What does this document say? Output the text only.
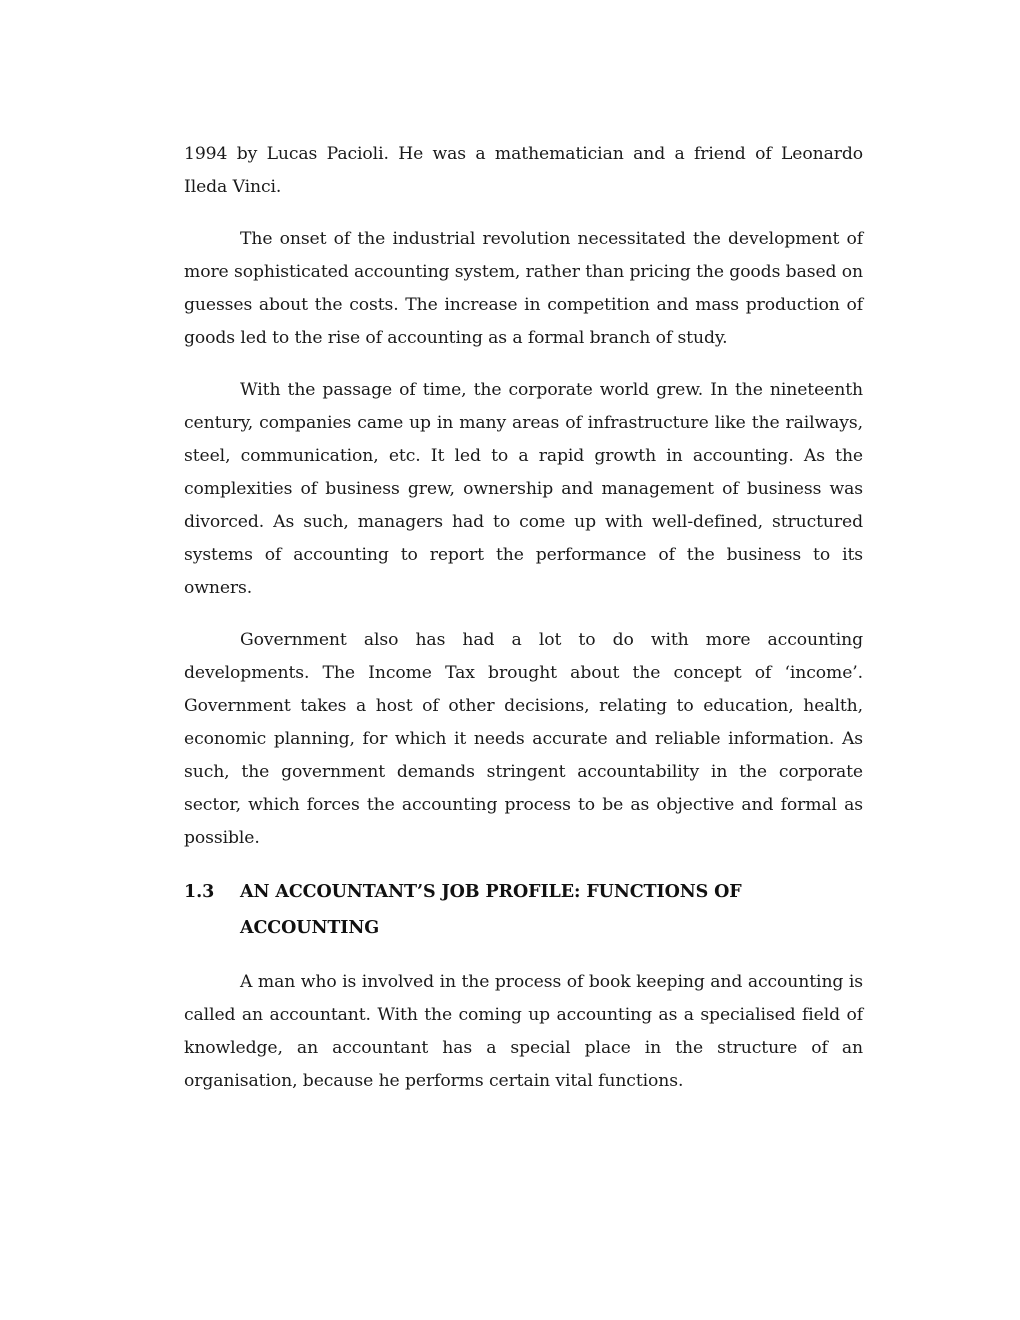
1994 by Lucas Pacioli. He was a mathematician and a friend of Leonardo Ileda Vinci.

The onset of the industrial revolution necessitated the development of more sophisticated accounting system, rather than pricing the goods based on guesses about the costs. The increase in competition and mass production of goods led to the rise of accounting as a formal branch of study.

With the passage of time, the corporate world grew. In the nineteenth century, companies came up in many areas of infrastructure like the railways, steel, communication, etc. It led to a rapid growth in accounting. As the complexities of business grew, ownership and management of business was divorced. As such, managers had to come up with well-defined, structured systems of accounting to report the performance of the business to its owners.

Government also has had a lot to do with more accounting developments. The Income Tax brought about the concept of ‘income’. Government takes a host of other decisions, relating to education, health, economic planning, for which it needs accurate and reliable information. As such, the government demands stringent accountability in the corporate sector, which forces the accounting process to be as objective and formal as possible.

1.3	AN ACCOUNTANT’S JOB PROFILE: FUNCTIONS OF ACCOUNTING

A man who is involved in the process of book keeping and accounting is called an accountant. With the coming up accounting as a specialised field of knowledge, an accountant has a special place in the structure of an organisation, because he performs certain vital functions.
